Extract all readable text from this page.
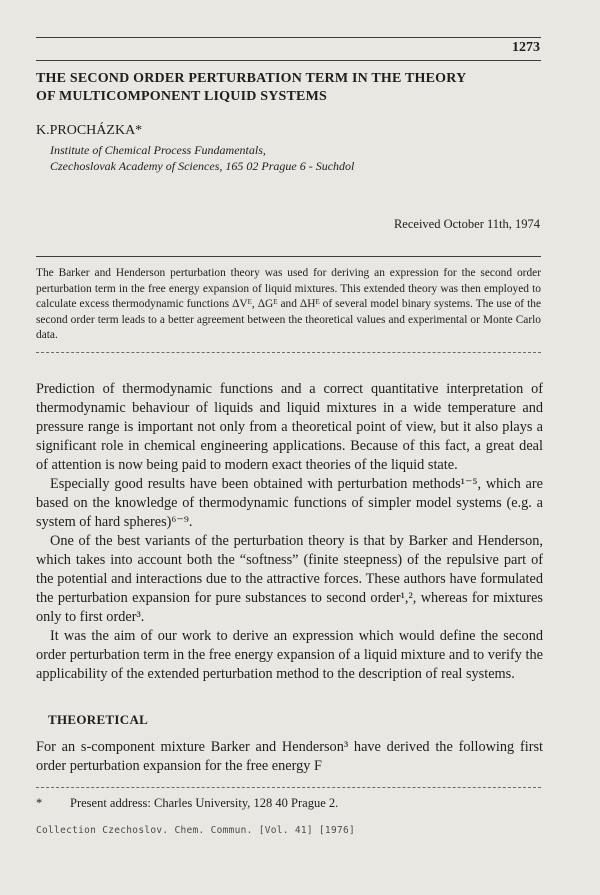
1273
THE SECOND ORDER PERTURBATION TERM IN THE THEORY
OF MULTICOMPONENT LIQUID SYSTEMS
K.PROCHÁZKA*
Institute of Chemical Process Fundamentals,
Czechoslovak Academy of Sciences, 165 02 Prague 6 - Suchdol
Received October 11th, 1974
The Barker and Henderson perturbation theory was used for deriving an expression for the second order perturbation term in the free energy expansion of liquid mixtures. This extended theory was then employed to calculate excess thermodynamic functions ΔVᴱ, ΔGᴱ and ΔHᴱ of several model binary systems. The use of the second order term leads to a better agreement between the theoretical values and experimental or Monte Carlo data.

Prediction of thermodynamic functions and a correct quantitative interpretation of thermodynamic behaviour of liquids and liquid mixtures in a wide temperature and pressure range is important not only from a theoretical point of view, but it also plays a significant role in chemical engineering applications. Because of this fact, a great deal of attention is now being paid to modern exact theories of the liquid state.

Especially good results have been obtained with perturbation methods¹⁻⁵, which are based on the knowledge of thermodynamic functions of simpler model systems (e.g. a system of hard spheres)⁶⁻⁹.

One of the best variants of the perturbation theory is that by Barker and Henderson, which takes into account both the “softness” (finite steepness) of the repulsive part of the potential and interactions due to the attractive forces. These authors have formulated the perturbation expansion for pure substances to second order¹,², whereas for mixtures only to first order³.

It was the aim of our work to derive an expression which would define the second order perturbation term in the free energy expansion of a liquid mixture and to verify the applicability of the extended perturbation method to the description of real systems.

THEORETICAL
For an s-component mixture Barker and Henderson³ have derived the following first order perturbation expansion for the free energy F
* Present address: Charles University, 128 40 Prague 2.
Collection Czechoslov. Chem. Commun. [Vol. 41] [1976]
